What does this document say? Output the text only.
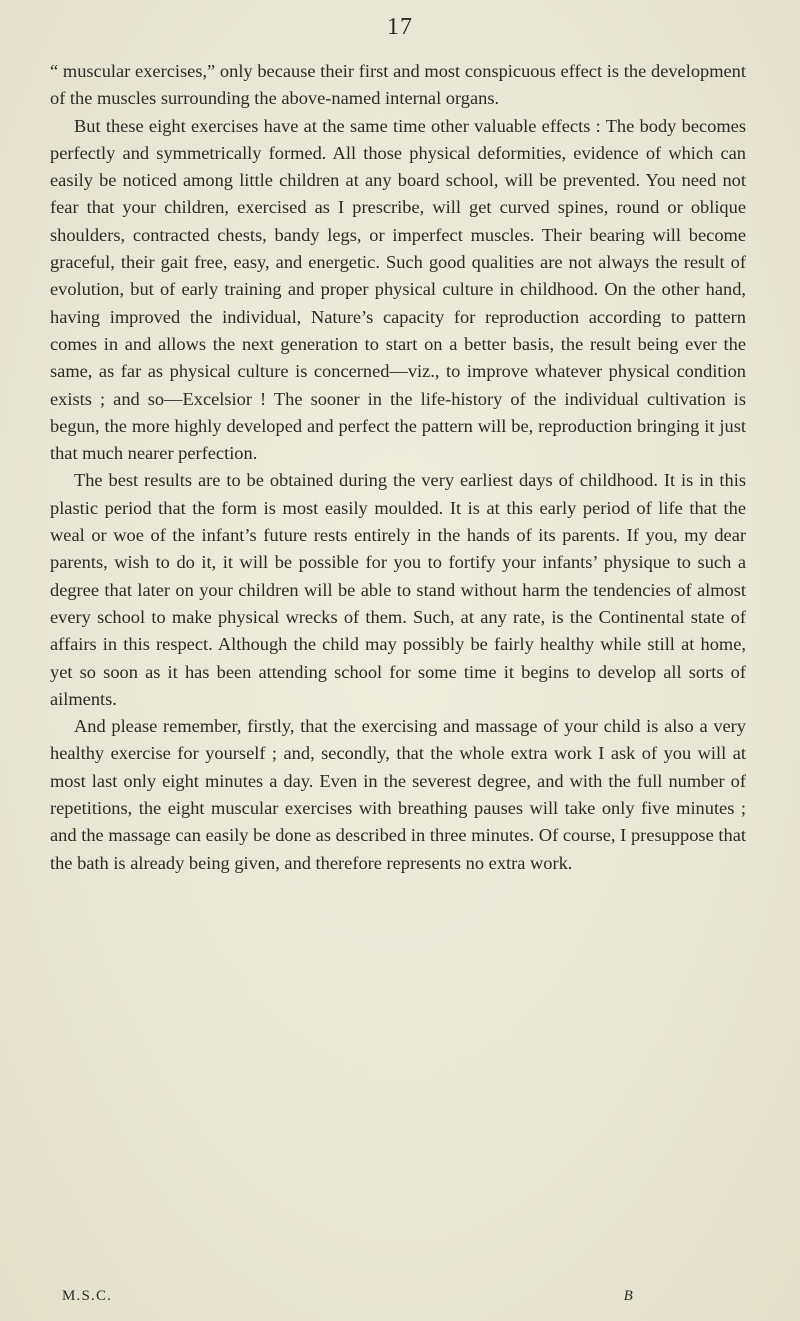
17

“ muscular exercises,” only because their first and most conspicuous effect is the development of the muscles surrounding the above-named internal organs.

But these eight exercises have at the same time other valuable effects : The body becomes perfectly and symmetrically formed. All those physical deformities, evidence of which can easily be noticed among little children at any board school, will be prevented. You need not fear that your children, exercised as I prescribe, will get curved spines, round or oblique shoulders, contracted chests, bandy legs, or imperfect muscles. Their bearing will become graceful, their gait free, easy, and energetic. Such good qualities are not always the result of evolution, but of early training and proper physical culture in childhood. On the other hand, having improved the individual, Nature’s capacity for reproduction according to pattern comes in and allows the next generation to start on a better basis, the result being ever the same, as far as physical culture is concerned—viz., to improve whatever physical condition exists ; and so—Excelsior ! The sooner in the life-history of the individual cultivation is begun, the more highly developed and perfect the pattern will be, reproduction bringing it just that much nearer perfection.

The best results are to be obtained during the very earliest days of childhood. It is in this plastic period that the form is most easily moulded. It is at this early period of life that the weal or woe of the infant’s future rests entirely in the hands of its parents. If you, my dear parents, wish to do it, it will be possible for you to fortify your infants’ physique to such a degree that later on your children will be able to stand without harm the tendencies of almost every school to make physical wrecks of them. Such, at any rate, is the Continental state of affairs in this respect. Although the child may possibly be fairly healthy while still at home, yet so soon as it has been attending school for some time it begins to develop all sorts of ailments.

And please remember, firstly, that the exercising and massage of your child is also a very healthy exercise for yourself ; and, secondly, that the whole extra work I ask of you will at most last only eight minutes a day. Even in the severest degree, and with the full number of repetitions, the eight muscular exercises with breathing pauses will take only five minutes ; and the massage can easily be done as described in three minutes. Of course, I presuppose that the bath is already being given, and therefore represents no extra work.

M.S.C.	B
